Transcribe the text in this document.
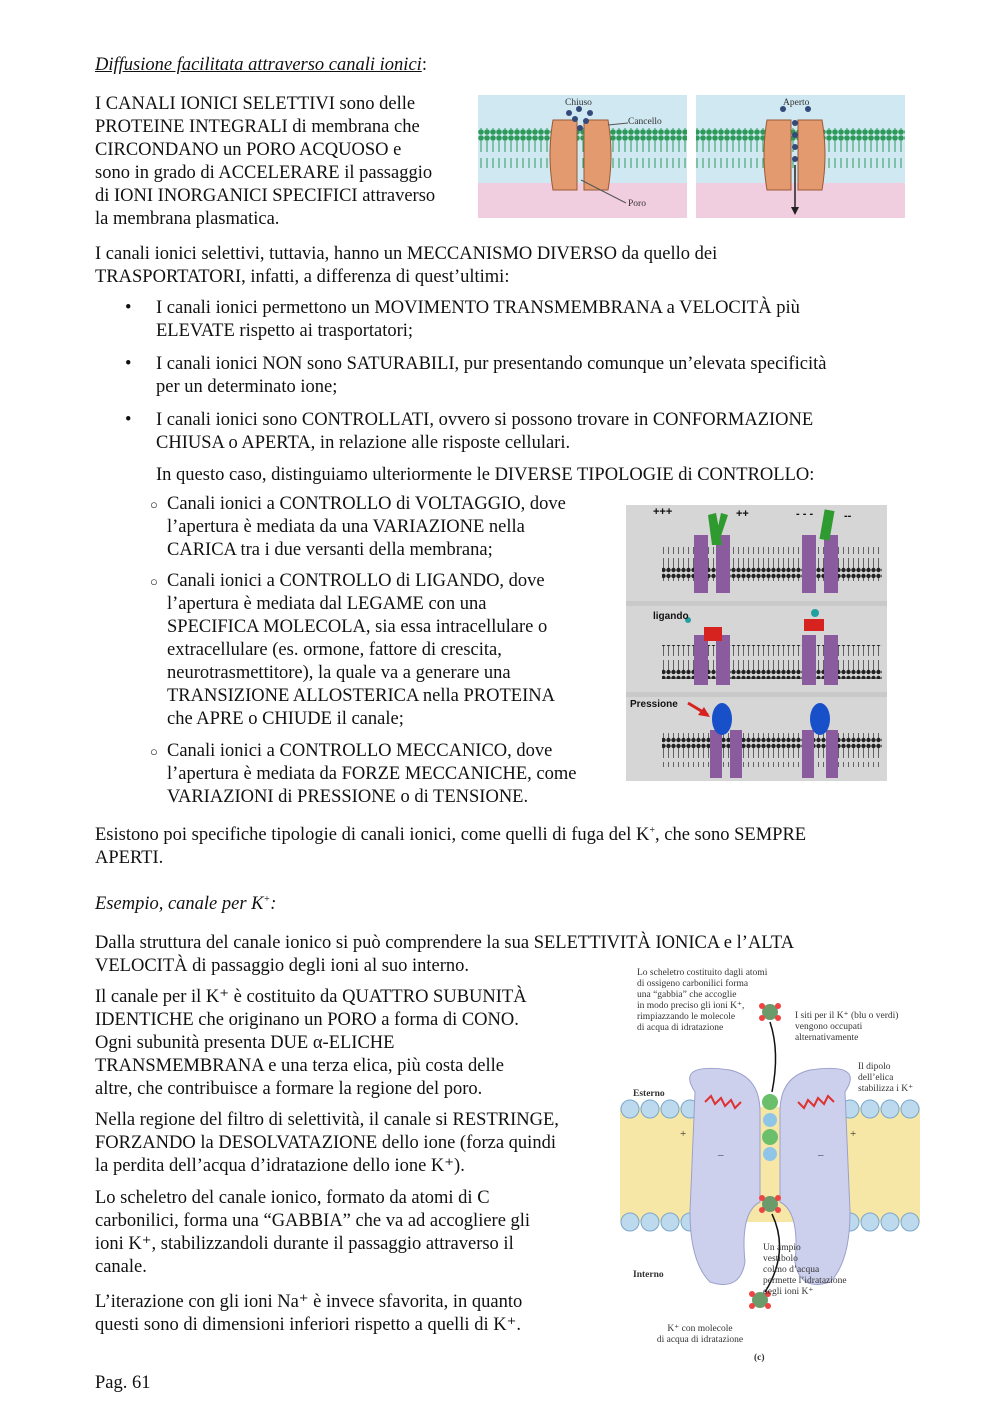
Diffusione facilitata attraverso canali ionici:
I CANALI IONICI SELETTIVI sono delle
PROTEINE INTEGRALI di membrana che
CIRCONDANO un PORO ACQUOSO e
sono in grado di ACCELERARE il passaggio
di IONI INORGANICI SPECIFICI attraverso
la membrana plasmatica.
Chiuso	Aperto
Cancello
Poro
I canali ionici selettivi, tuttavia, hanno un MECCANISMO DIVERSO da quello dei
TRASPORTATORI, infatti, a differenza di quest’ultimi:
• I canali ionici permettono un MOVIMENTO TRANSMEMBRANA a VELOCITÀ più
ELEVATE rispetto ai trasportatori;
• I canali ionici NON sono SATURABILI, pur presentando comunque un’elevata specificità
per un determinato ione;
• I canali ionici sono CONTROLLATI, ovvero si possono trovare in CONFORMAZIONE
CHIUSA o APERTA, in relazione alle risposte cellulari.
In questo caso, distinguiamo ulteriormente le DIVERSE TIPOLOGIE di CONTROLLO:
○ Canali ionici a CONTROLLO di VOLTAGGIO, dove
l’apertura è mediata da una VARIAZIONE nella
CARICA tra i due versanti della membrana;
○ Canali ionici a CONTROLLO di LIGANDO, dove
l’apertura è mediata dal LEGAME con una
SPECIFICA MOLECOLA, sia essa intracellulare o
extracellulare (es. ormone, fattore di crescita,
neurotrasmettitore), la quale va a generare una
TRANSIZIONE ALLOSTERICA nella PROTEINA
che APRE o CHIUDE il canale;
○ Canali ionici a CONTROLLO MECCANICO, dove
l’apertura è mediata da FORZE MECCANICHE, come
VARIAZIONI di PRESSIONE o di TENSIONE.
+++	++	- - -	--
ligando
Pressione
Esistono poi specifiche tipologie di canali ionici, come quelli di fuga del K+, che sono SEMPRE
APERTI.
Esempio, canale per K+:
Dalla struttura del canale ionico si può comprendere la sua SELETTIVITÀ IONICA e l’ALTA
VELOCITÀ di passaggio degli ioni al suo interno.
Il canale per il K⁺ è costituito da QUATTRO SUBUNITÀ
IDENTICHE che originano un PORO a forma di CONO.
Ogni subunità presenta DUE α-ELICHE
TRANSMEMBRANA e una terza elica, più costa delle
altre, che contribuisce a formare la regione del poro.
Nella regione del filtro di selettività, il canale si RESTRINGE,
FORZANDO la DESOLVATAZIONE dello ione (forza quindi
la perdita dell’acqua d’idratazione dello ione K⁺).
Lo scheletro del canale ionico, formato da atomi di C
carbonilici, forma una “GABBIA” che va ad accogliere gli
ioni K⁺, stabilizzandoli durante il passaggio attraverso il
canale.
L’iterazione con gli ioni Na⁺ è invece sfavorita, in quanto
questi sono di dimensioni inferiori rispetto a quelli di K⁺.
+	+
–	–
Lo scheletro costituito dagli atomi
di ossigeno carbonilici forma
una “gabbia” che accoglie
in modo preciso gli ioni K⁺,
rimpiazzando le molecole
di acqua di idratazione
I siti per il K⁺ (blu o verdi)
vengono occupati
alternativamente
Il dipolo
dell’elica
stabilizza i K⁺
Esterno
Interno
Un ampio
vestibolo
colmo d’acqua
permette l’idratazione
degli ioni K⁺
K⁺ con molecole
di acqua di idratazione
(c)
Pag. 61
